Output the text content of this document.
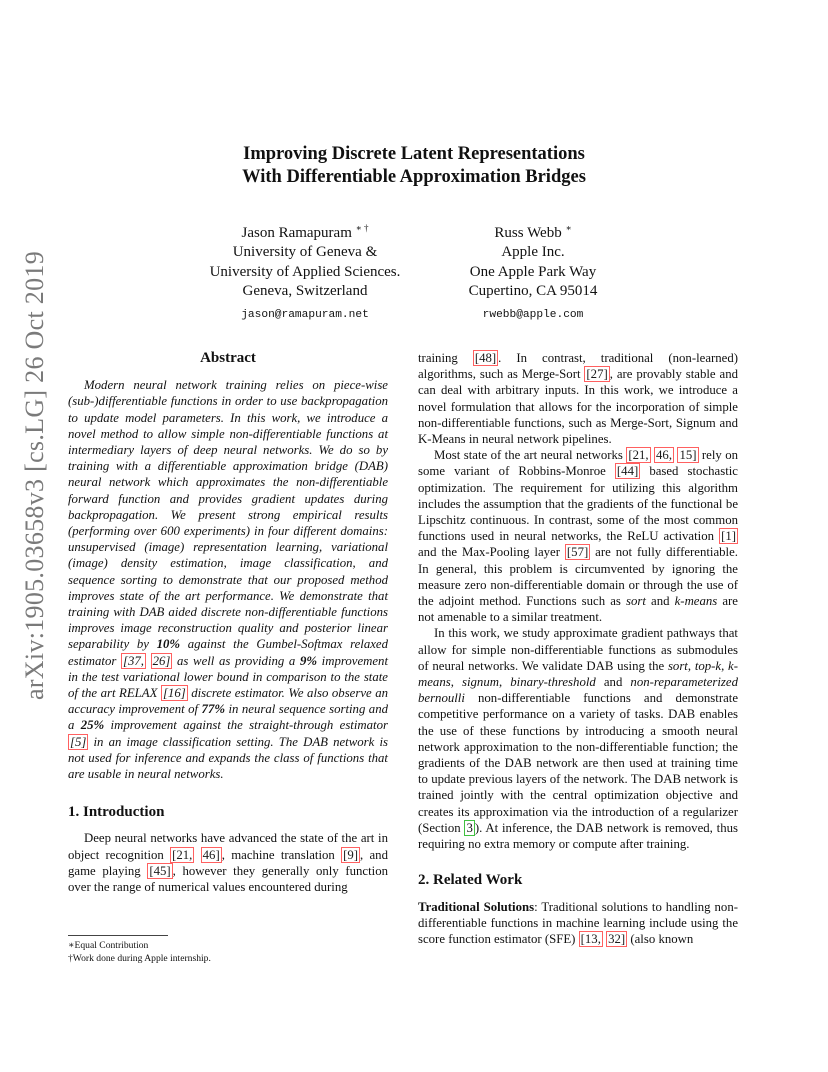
arXiv:1905.03658v3 [cs.LG] 26 Oct 2019
Improving Discrete Latent Representations
With Differentiable Approximation Bridges
Jason Ramapuram ∗ †
University of Geneva &
University of Applied Sciences.
Geneva, Switzerland
jason@ramapuram.net
Russ Webb ∗
Apple Inc.
One Apple Park Way
Cupertino, CA 95014
rwebb@apple.com
Abstract

Modern neural network training relies on piece-wise (sub-)differentiable functions in order to use backpropagation to update model parameters. In this work, we introduce a novel method to allow simple non-differentiable functions at intermediary layers of deep neural networks. We do so by training with a differentiable approximation bridge (DAB) neural network which approximates the non-differentiable forward function and provides gradient updates during backpropagation. We present strong empirical results (performing over 600 experiments) in four different domains: unsupervised (image) representation learning, variational (image) density estimation, image classification, and sequence sorting to demonstrate that our proposed method improves state of the art performance. We demonstrate that training with DAB aided discrete non-differentiable functions improves image reconstruction quality and posterior linear separability by 10% against the Gumbel-Softmax relaxed estimator [37, 26] as well as providing a 9% improvement in the test variational lower bound in comparison to the state of the art RELAX [16] discrete estimator. We also observe an accuracy improvement of 77% in neural sequence sorting and a 25% improvement against the straight-through estimator [5] in an image classification setting. The DAB network is not used for inference and expands the class of functions that are usable in neural networks.

1. Introduction

Deep neural networks have advanced the state of the art in object recognition [21, 46] , machine translation [9] , and game playing [45] , however they generally only function over the range of numerical values encountered during

∗Equal Contribution
†Work done during Apple internship.

training [48] . In contrast, traditional (non-learned) algorithms, such as Merge-Sort [27] , are provably stable and can deal with arbitrary inputs. In this work, we introduce a novel formulation that allows for the incorporation of simple non-differentiable functions, such as Merge-Sort, Signum and K-Means in neural network pipelines.

Most state of the art neural networks [21, 46, 15] rely on some variant of Robbins-Monroe [44] based stochastic optimization. The requirement for utilizing this algorithm includes the assumption that the gradients of the functional be Lipschitz continuous. In contrast, some of the most common functions used in neural networks, the ReLU activation [1] and the Max-Pooling layer [57] are not fully differentiable. In general, this problem is circumvented by ignoring the measure zero non-differentiable domain or through the use of the adjoint method. Functions such as sort and k-means are not amenable to a similar treatment.

In this work, we study approximate gradient pathways that allow for simple non-differentiable functions as submodules of neural networks. We validate DAB using the sort, top-k, k-means, signum, binary-threshold and non-reparameterized bernoulli non-differentiable functions and demonstrate competitive performance on a variety of tasks. DAB enables the use of these functions by introducing a smooth neural network approximation to the non-differentiable function; the gradients of the DAB network are then used at training time to update previous layers of the network. The DAB network is trained jointly with the central optimization objective and creates its approximation via the introduction of a regularizer (Section 3 ). At inference, the DAB network is removed, thus requiring no extra memory or compute after training.

2. Related Work

Traditional Solutions: Traditional solutions to handling non-differentiable functions in machine learning include using the score function estimator (SFE) [13, 32] (also known
